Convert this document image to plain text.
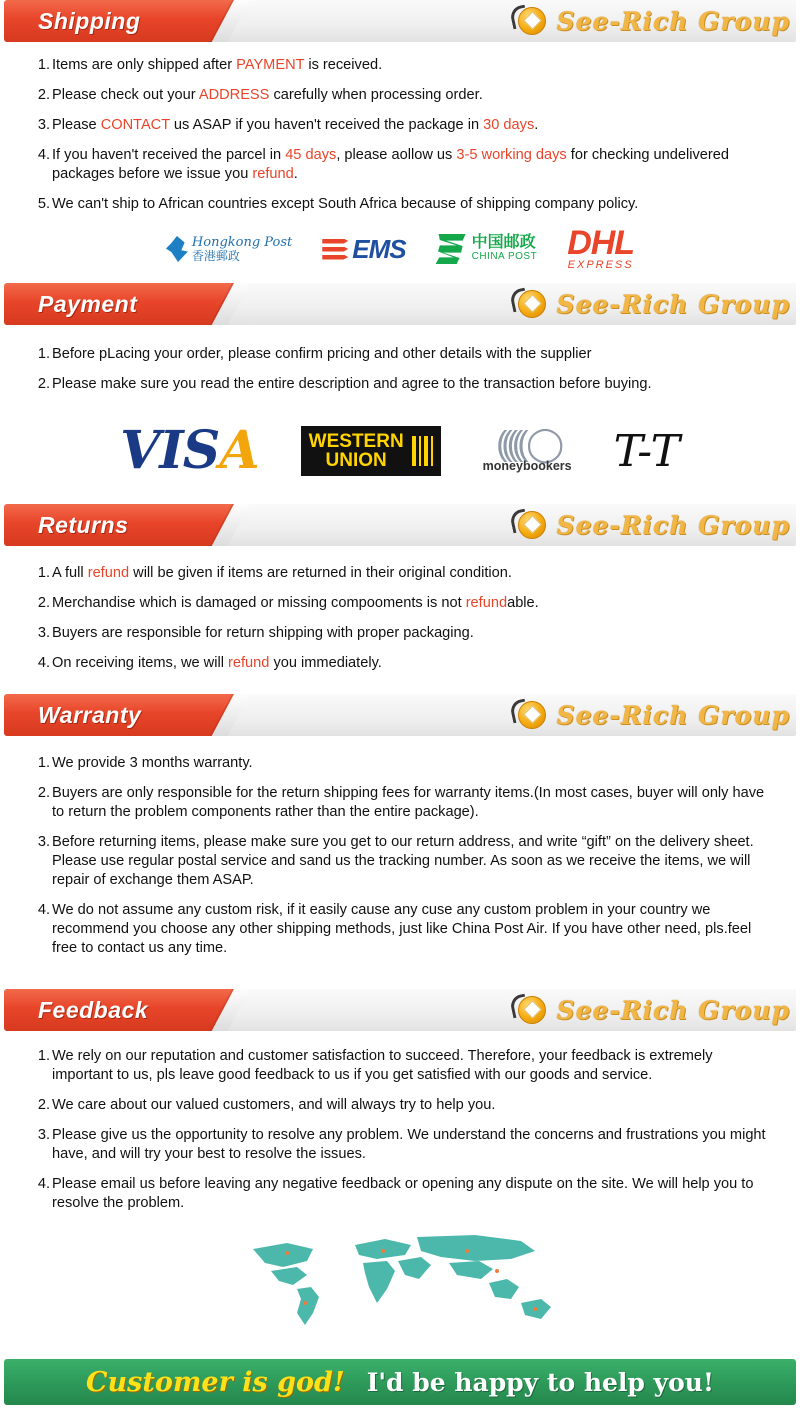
Shipping	See-Rich Group
1. Items are only shipped after PAYMENT is received.
2. Please check out your ADDRESS carefully when processing order.
3. Please CONTACT us ASAP if you haven't received the package in 30 days.
4. If you haven't received the parcel in 45 days, please aollow us 3-5 working days for checking undelivered packages before we issue you refund.
5. We can't ship to African countries except South Africa because of shipping company policy.
Hongkong Post
香港郵政	EMS	中国邮政
CHINA POST DHL
EXPRESS
Payment	See-Rich Group
1. Before pLacing your order, please confirm pricing and other details with the supplier
2. Please make sure you read the entire description and agree to the transaction before buying.
VISA	WESTERN
UNION	((((( ◯
moneybookers T-T
Returns	See-Rich Group
1. A full refund will be given if items are returned in their original condition.
2. Merchandise which is damaged or missing compooments is not refundable.
3. Buyers are responsible for return shipping with proper packaging.
4. On receiving items, we will refund you immediately.
Warranty	See-Rich Group
1. We provide 3 months warranty.
2. Buyers are only responsible for the return shipping fees for warranty items.(In most cases, buyer will only have to return the problem components rather than the entire package).
3. Before returning items, please make sure you get to our return address, and write “gift” on the delivery sheet. Please use regular postal service and sand us the tracking number. As soon as we receive the items, we will repair of exchange them ASAP.
4. We do not assume any custom risk, if it easily cause any cuse any custom problem in your country we recommend you choose any other shipping methods, just like China Post Air. If you have other need, pls.feel free to contact us any time.
Feedback	See-Rich Group
1. We rely on our reputation and customer satisfaction to succeed. Therefore, your feedback is extremely important to us, pls leave good feedback to us if you get satisfied with our goods and service.
2. We care about our valued customers, and will always try to help you.
3. Please give us the opportunity to resolve any problem. We understand the concerns and frustrations you might have, and will try your best to resolve the issues.
4. Please email us before leaving any negative feedback or opening any dispute on the site. We will help you to resolve the problem.
Customer is god! I'd be happy to help you!
